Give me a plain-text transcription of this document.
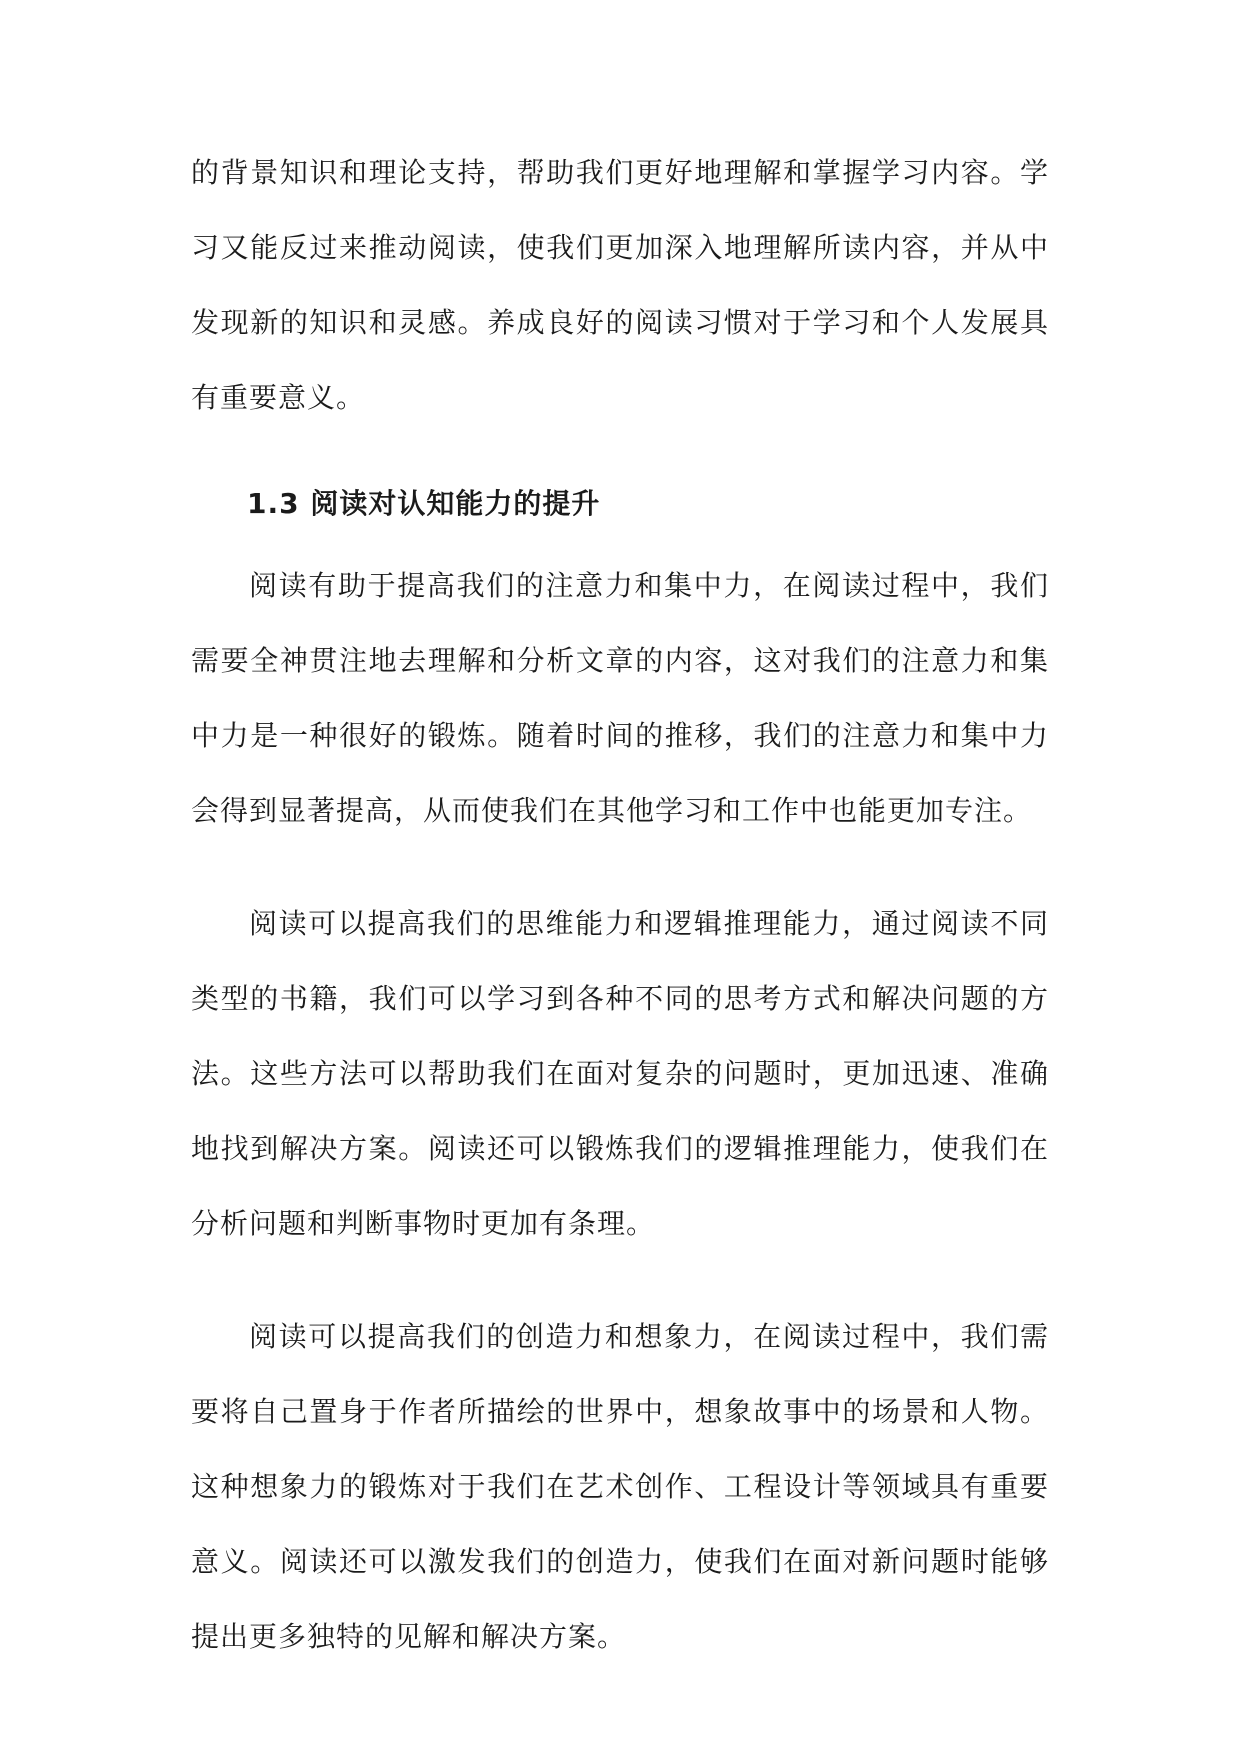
的背景知识和理论支持，帮助我们更好地理解和掌握学习内容。学习又能反过来推动阅读，使我们更加深入地理解所读内容，并从中发现新的知识和灵感。养成良好的阅读习惯对于学习和个人发展具有重要意义。

1.3 阅读对认知能力的提升

阅读有助于提高我们的注意力和集中力，在阅读过程中，我们需要全神贯注地去理解和分析文章的内容，这对我们的注意力和集中力是一种很好的锻炼。随着时间的推移，我们的注意力和集中力会得到显著提高，从而使我们在其他学习和工作中也能更加专注。

阅读可以提高我们的思维能力和逻辑推理能力，通过阅读不同类型的书籍，我们可以学习到各种不同的思考方式和解决问题的方法。这些方法可以帮助我们在面对复杂的问题时，更加迅速、准确地找到解决方案。阅读还可以锻炼我们的逻辑推理能力，使我们在分析问题和判断事物时更加有条理。

阅读可以提高我们的创造力和想象力，在阅读过程中，我们需要将自己置身于作者所描绘的世界中，想象故事中的场景和人物。这种想象力的锻炼对于我们在艺术创作、工程设计等领域具有重要意义。阅读还可以激发我们的创造力，使我们在面对新问题时能够提出更多独特的见解和解决方案。
